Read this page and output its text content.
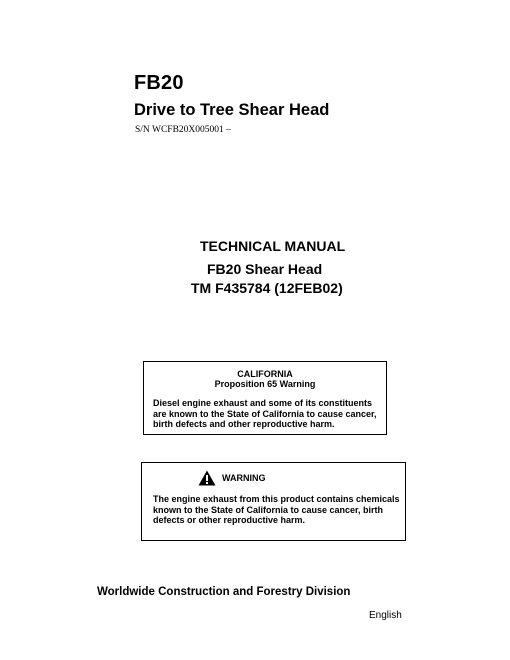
FB20
Drive to Tree Shear Head
S/N WCFB20X005001 –
TECHNICAL MANUAL
FB20 Shear Head
TM F435784 (12FEB02)
CALIFORNIA
Proposition 65 Warning
Diesel engine exhaust and some of its constituents are known to the State of California to cause cancer, birth defects and other reproductive harm.
WARNING
The engine exhaust from this product contains chemicals known to the State of California to cause cancer, birth defects or other reproductive harm.
Worldwide Construction and Forestry Division
English
